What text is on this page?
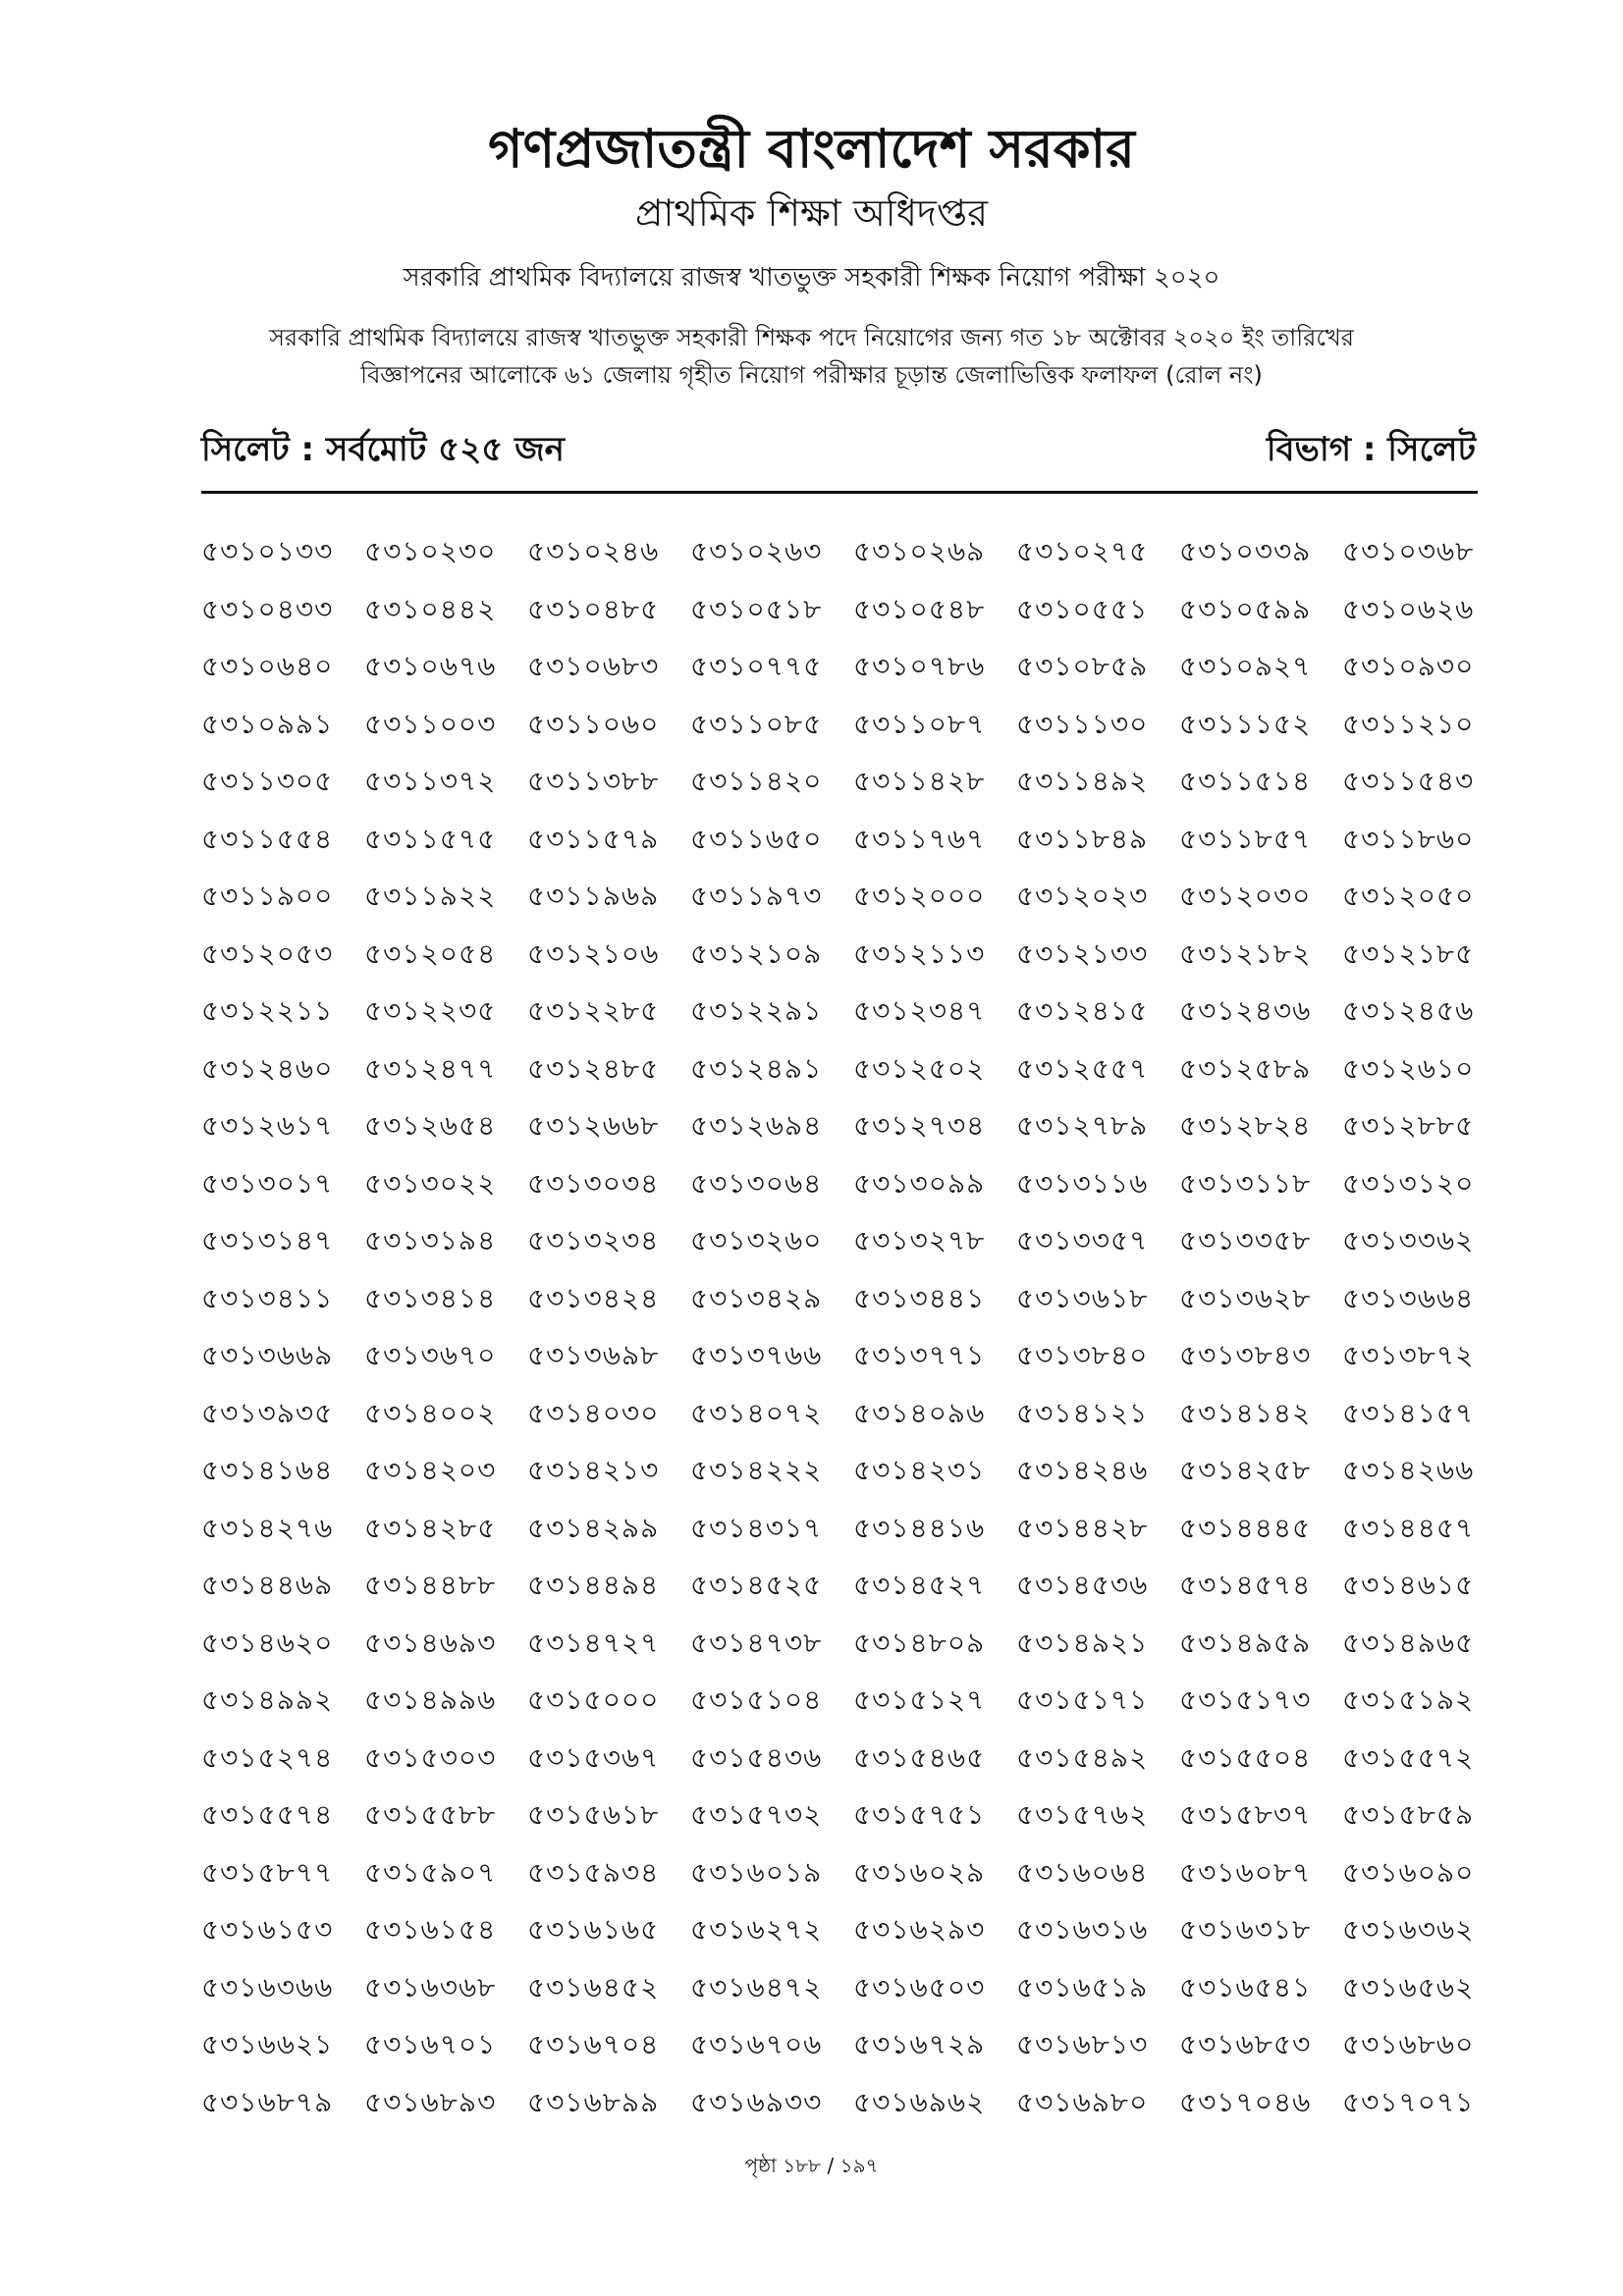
গণপ্রজাতন্ত্রী বাংলাদেশ সরকার
প্রাথমিক শিক্ষা অধিদপ্তর
সরকারি প্রাথমিক বিদ্যালয়ে রাজস্ব খাতভুক্ত সহকারী শিক্ষক নিয়োগ পরীক্ষা ২০২০
সরকারি প্রাথমিক বিদ্যালয়ে রাজস্ব খাতভুক্ত সহকারী শিক্ষক পদে নিয়োগের জন্য গত ১৮ অক্টোবর ২০২০ ইং তারিখের
বিজ্ঞাপনের আলোকে ৬১ জেলায় গৃহীত নিয়োগ পরীক্ষার চূড়ান্ত জেলাভিত্তিক ফলাফল (রোল নং)
সিলেট : সর্বমোট ৫২৫ জন	বিভাগ : সিলেট
৫৩১০১৩৩	৫৩১০২৩০	৫৩১০২৪৬	৫৩১০২৬৩	৫৩১০২৬৯	৫৩১০২৭৫	৫৩১০৩৩৯	৫৩১০৩৬৮
৫৩১০৪৩৩	৫৩১০৪৪২	৫৩১০৪৮৫	৫৩১০৫১৮	৫৩১০৫৪৮	৫৩১০৫৫১	৫৩১০৫৯৯	৫৩১০৬২৬
৫৩১০৬৪০	৫৩১০৬৭৬	৫৩১০৬৮৩	৫৩১০৭৭৫	৫৩১০৭৮৬	৫৩১০৮৫৯	৫৩১০৯২৭	৫৩১০৯৩০
৫৩১০৯৯১	৫৩১১০০৩	৫৩১১০৬০	৫৩১১০৮৫	৫৩১১০৮৭	৫৩১১১৩০	৫৩১১১৫২	৫৩১১২১০
৫৩১১৩০৫	৫৩১১৩৭২	৫৩১১৩৮৮	৫৩১১৪২০	৫৩১১৪২৮	৫৩১১৪৯২	৫৩১১৫১৪	৫৩১১৫৪৩
৫৩১১৫৫৪	৫৩১১৫৭৫	৫৩১১৫৭৯	৫৩১১৬৫০	৫৩১১৭৬৭	৫৩১১৮৪৯	৫৩১১৮৫৭	৫৩১১৮৬০
৫৩১১৯০০	৫৩১১৯২২	৫৩১১৯৬৯	৫৩১১৯৭৩	৫৩১২০০০	৫৩১২০২৩	৫৩১২০৩০	৫৩১২০৫০
৫৩১২০৫৩	৫৩১২০৫৪	৫৩১২১০৬	৫৩১২১০৯	৫৩১২১১৩	৫৩১২১৩৩	৫৩১২১৮২	৫৩১২১৮৫
৫৩১২২১১	৫৩১২২৩৫	৫৩১২২৮৫	৫৩১২২৯১	৫৩১২৩৪৭	৫৩১২৪১৫	৫৩১২৪৩৬	৫৩১২৪৫৬
৫৩১২৪৬০	৫৩১২৪৭৭	৫৩১২৪৮৫	৫৩১২৪৯১	৫৩১২৫০২	৫৩১২৫৫৭	৫৩১২৫৮৯	৫৩১২৬১০
৫৩১২৬১৭	৫৩১২৬৫৪	৫৩১২৬৬৮	৫৩১২৬৯৪	৫৩১২৭৩৪	৫৩১২৭৮৯	৫৩১২৮২৪	৫৩১২৮৮৫
৫৩১৩০১৭	৫৩১৩০২২	৫৩১৩০৩৪	৫৩১৩০৬৪	৫৩১৩০৯৯	৫৩১৩১১৬	৫৩১৩১১৮	৫৩১৩১২০
৫৩১৩১৪৭	৫৩১৩১৯৪	৫৩১৩২৩৪	৫৩১৩২৬০	৫৩১৩২৭৮	৫৩১৩৩৫৭	৫৩১৩৩৫৮	৫৩১৩৩৬২
৫৩১৩৪১১	৫৩১৩৪১৪	৫৩১৩৪২৪	৫৩১৩৪২৯	৫৩১৩৪৪১	৫৩১৩৬১৮	৫৩১৩৬২৮	৫৩১৩৬৬৪
৫৩১৩৬৬৯	৫৩১৩৬৭০	৫৩১৩৬৯৮	৫৩১৩৭৬৬	৫৩১৩৭৭১	৫৩১৩৮৪০	৫৩১৩৮৪৩	৫৩১৩৮৭২
৫৩১৩৯৩৫	৫৩১৪০০২	৫৩১৪০৩০	৫৩১৪০৭২	৫৩১৪০৯৬	৫৩১৪১২১	৫৩১৪১৪২	৫৩১৪১৫৭
৫৩১৪১৬৪	৫৩১৪২০৩	৫৩১৪২১৩	৫৩১৪২২২	৫৩১৪২৩১	৫৩১৪২৪৬	৫৩১৪২৫৮	৫৩১৪২৬৬
৫৩১৪২৭৬	৫৩১৪২৮৫	৫৩১৪২৯৯	৫৩১৪৩১৭	৫৩১৪৪১৬	৫৩১৪৪২৮	৫৩১৪৪৪৫	৫৩১৪৪৫৭
৫৩১৪৪৬৯	৫৩১৪৪৮৮	৫৩১৪৪৯৪	৫৩১৪৫২৫	৫৩১৪৫২৭	৫৩১৪৫৩৬	৫৩১৪৫৭৪	৫৩১৪৬১৫
৫৩১৪৬২০	৫৩১৪৬৯৩	৫৩১৪৭২৭	৫৩১৪৭৩৮	৫৩১৪৮০৯	৫৩১৪৯২১	৫৩১৪৯৫৯	৫৩১৪৯৬৫
৫৩১৪৯৯২	৫৩১৪৯৯৬	৫৩১৫০০০	৫৩১৫১০৪	৫৩১৫১২৭	৫৩১৫১৭১	৫৩১৫১৭৩	৫৩১৫১৯২
৫৩১৫২৭৪	৫৩১৫৩০৩	৫৩১৫৩৬৭	৫৩১৫৪৩৬	৫৩১৫৪৬৫	৫৩১৫৪৯২	৫৩১৫৫০৪	৫৩১৫৫৭২
৫৩১৫৫৭৪	৫৩১৫৫৮৮	৫৩১৫৬১৮	৫৩১৫৭৩২	৫৩১৫৭৫১	৫৩১৫৭৬২	৫৩১৫৮৩৭	৫৩১৫৮৫৯
৫৩১৫৮৭৭	৫৩১৫৯০৭	৫৩১৫৯৩৪	৫৩১৬০১৯	৫৩১৬০২৯	৫৩১৬০৬৪	৫৩১৬০৮৭	৫৩১৬০৯০
৫৩১৬১৫৩	৫৩১৬১৫৪	৫৩১৬১৬৫	৫৩১৬২৭২	৫৩১৬২৯৩	৫৩১৬৩১৬	৫৩১৬৩১৮	৫৩১৬৩৬২
৫৩১৬৩৬৬	৫৩১৬৩৬৮	৫৩১৬৪৫২	৫৩১৬৪৭২	৫৩১৬৫০৩	৫৩১৬৫১৯	৫৩১৬৫৪১	৫৩১৬৫৬২
৫৩১৬৬২১	৫৩১৬৭০১	৫৩১৬৭০৪	৫৩১৬৭০৬	৫৩১৬৭২৯	৫৩১৬৮১৩	৫৩১৬৮৫৩	৫৩১৬৮৬০
৫৩১৬৮৭৯	৫৩১৬৮৯৩	৫৩১৬৮৯৯	৫৩১৬৯৩৩	৫৩১৬৯৬২	৫৩১৬৯৮০	৫৩১৭০৪৬	৫৩১৭০৭১
পৃষ্ঠা ১৮৮ / ১৯৭
